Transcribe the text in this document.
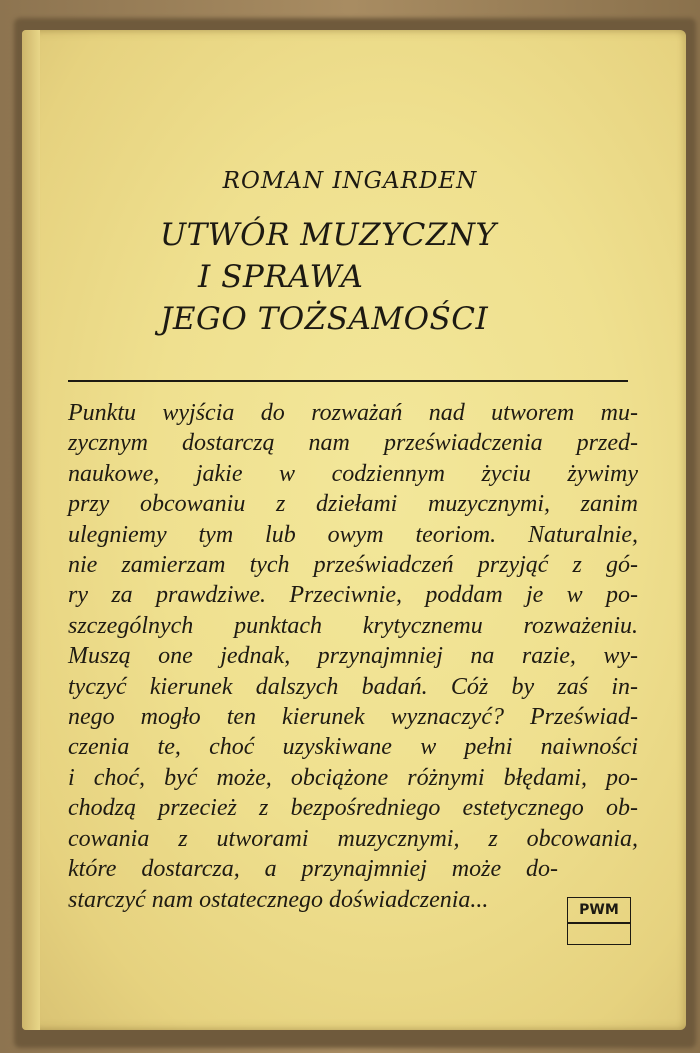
ROMAN INGARDEN
UTWÓR MUZYCZNY
I SPRAWA
JEGO TOŻSAMOŚCI
Punktu wyjścia do rozważań nad utworem mu-
zycznym dostarczą nam przeświadczenia przed-
naukowe, jakie w codziennym życiu żywimy
przy obcowaniu z dziełami muzycznymi, zanim
ulegniemy tym lub owym teoriom. Naturalnie,
nie zamierzam tych przeświadczeń przyjąć z gó-
ry za prawdziwe. Przeciwnie, poddam je w po-
szczególnych punktach krytycznemu rozważeniu.
Muszą one jednak, przynajmniej na razie, wy-
tyczyć kierunek dalszych badań. Cóż by zaś in-
nego mogło ten kierunek wyznaczyć? Przeświad-
czenia te, choć uzyskiwane w pełni naiwności
i choć, być może, obciążone różnymi błędami, po-
chodzą przecież z bezpośredniego estetycznego ob-
cowania z utworami muzycznymi, z obcowania,
które dostarcza, a przynajmniej może do-
starczyć nam ostatecznego doświadczenia...	PWM
